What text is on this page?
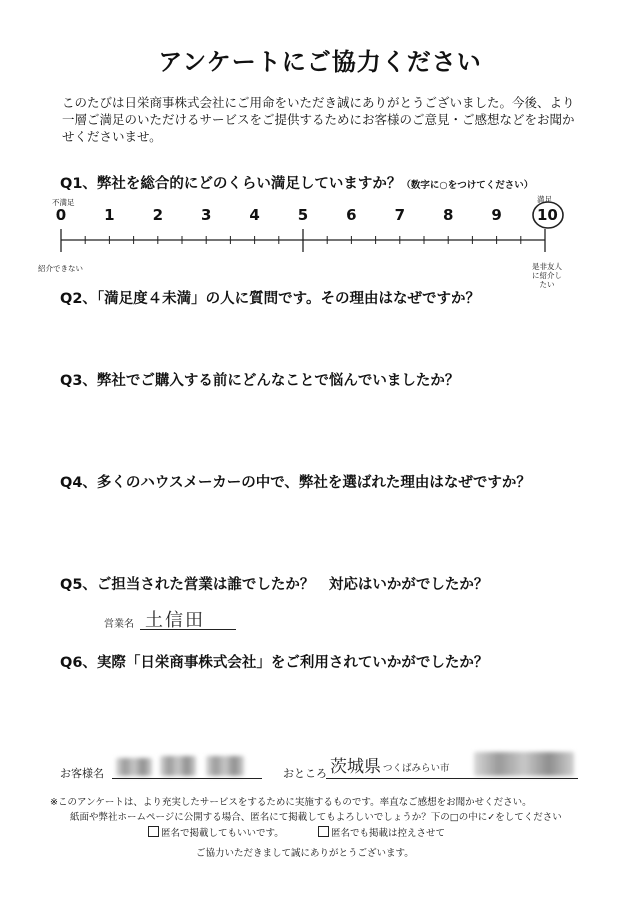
アンケートにご協力ください
このたびは日栄商事株式会社にご用命をいただき誠にありがとうございました。今後、より一層ご満足のいただけるサービスをご提供するためにお客様のご意見・ご感想などをお聞かせくださいませ。
Q1、弊社を総合的にどのくらい満足していますか？（数字に○をつけてください）
不満足	満足
紹介できない	是非友人に紹介したい
0	1	2	3	4	5	6	7	8	9	10
Q2、「満足度４未満」の人に質問です。その理由はなぜですか？
Q3、弊社でご購入する前にどんなことで悩んでいましたか？
Q4、多くのハウスメーカーの中で、弊社を選ばれた理由はなぜですか？
Q5、ご担当された営業は誰でしたか？　対応はいかがでしたか？
営業名 土信田
Q6、実際「日栄商事株式会社」をご利用されていかがでしたか？
お客様名	おところ 茨城県 つくばみらい市
※このアンケートは、より充実したサービスをするために実施するものです。率直なご感想をお聞かせください。
紙面や弊社ホームページに公開する場合、匿名にて掲載してもよろしいでしょうか？下の□の中に✓をしてください
匿名で掲載してもいいです。	匿名でも掲載は控えさせて
ご協力いただきまして誠にありがとうございます。
